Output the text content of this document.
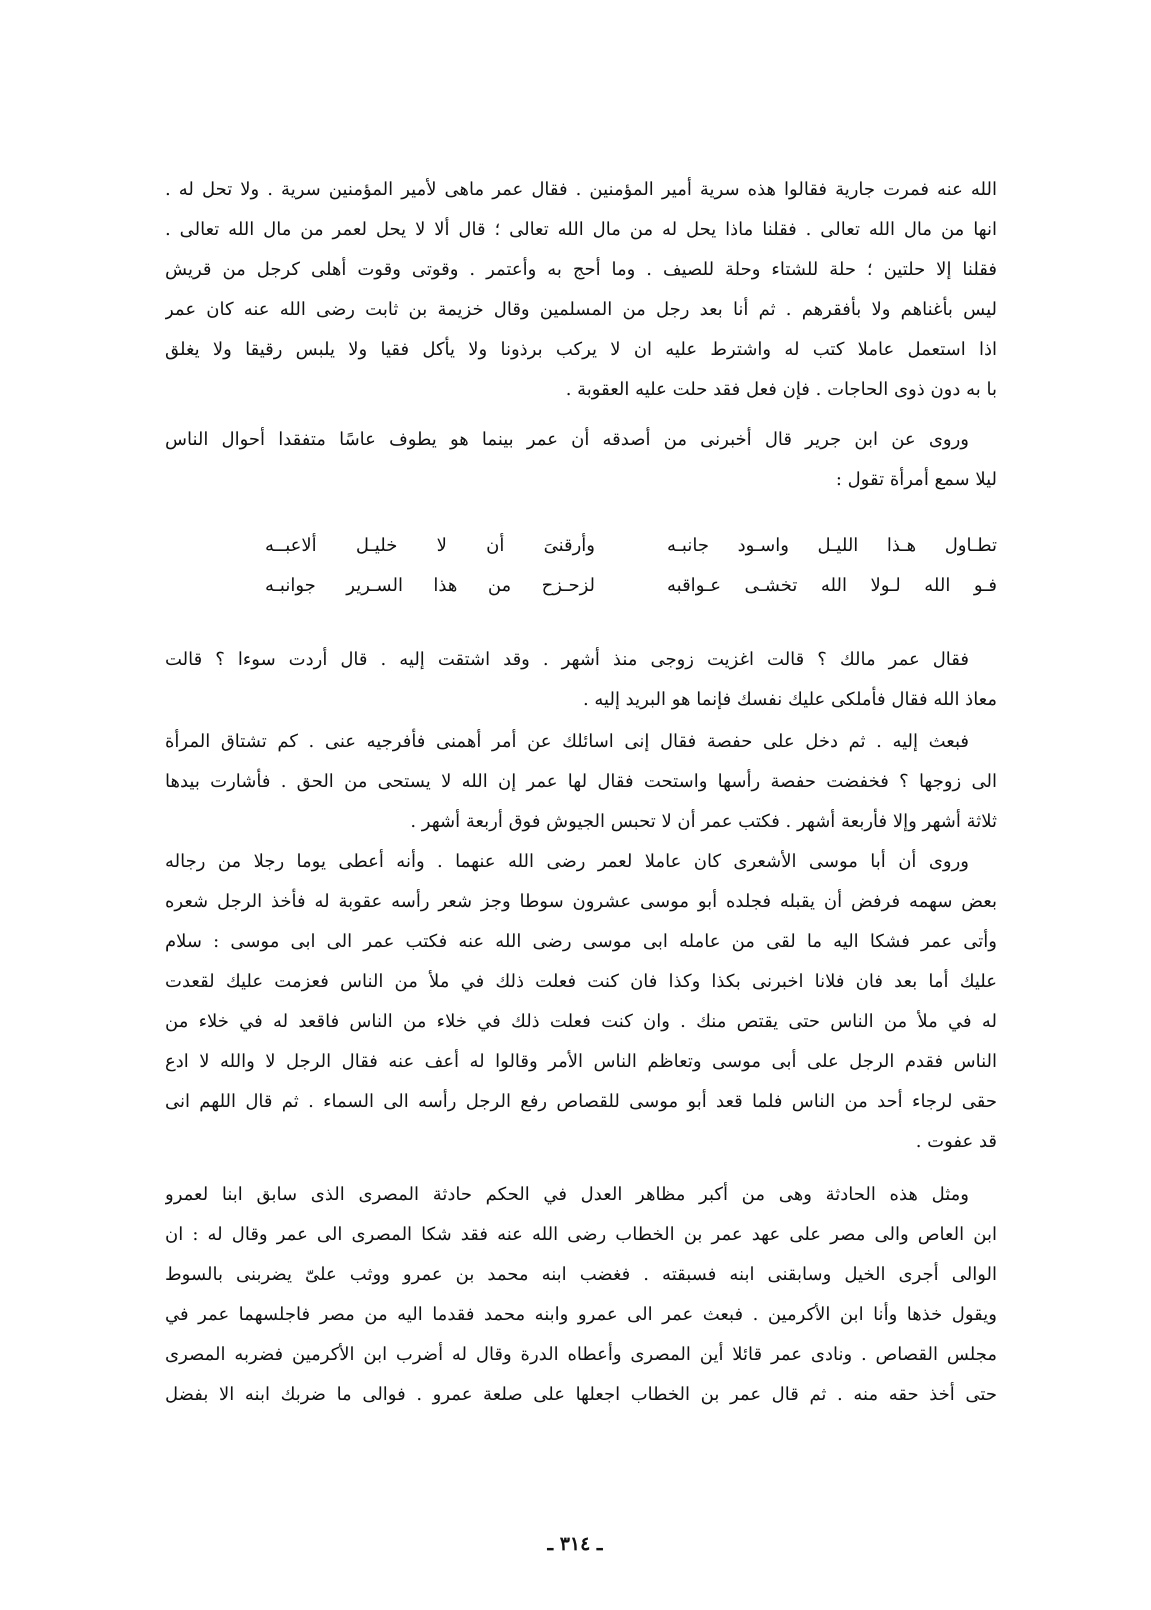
الله عنه فمرت جارية فقالوا هذه سرية أمير المؤمنين . فقال عمر ماهى لأمير المؤمنين سرية . ولا تحل له .
انها من مال الله تعالى . فقلنا ماذا يحل له من مال الله تعالى ؛ قال ألا لا يحل لعمر من مال الله تعالى .
فقلنا إلا حلتين ؛ حلة للشتاء وحلة للصيف . وما أحج به وأعتمر . وقوتى وقوت أهلى كرجل من قريش
ليس بأغناهم ولا بأفقرهم . ثم أنا بعد رجل من المسلمين وقال خزيمة بن ثابت رضى الله عنه كان عمر
اذا استعمل عاملا كتب له واشترط عليه ان لا يركب برذونا ولا يأكل فقيا ولا يلبس رقيقا ولا يغلق
با به دون ذوى الحاجات . فإن فعل فقد حلت عليه العقوبة .
وروى عن ابن جرير قال أخبرنى من أصدقه أن عمر بينما هو يطوف عاسًا متفقدا أحوال الناس
ليلا سمع أمرأة تقول :
تطـاول هـذا الليـل واسـود جانبـه
وأرقنىَ أن لا خليـل ألاعبــه
فـو الله لـولا الله تخشـى عـواقبه
لزحـزح من هذا السـرير جوانبـه
فقال عمر مالك ؟ قالت اغزيت زوجى منذ أشهر . وقد اشتقت إليه . قال أردت سوءا ؟ قالت
معاذ الله فقال فأملكى عليك نفسك فإنما هو البريد إليه .
فبعث إليه . ثم دخل على حفصة فقال إنى اسائلك عن أمر أهمنى فأفرجيه عنى . كم تشتاق المرأة
الى زوجها ؟ فخفضت حفصة رأسها واستحت فقال لها عمر إن الله لا يستحى من الحق . فأشارت بيدها
ثلاثة أشهر وإلا فأربعة أشهر . فكتب عمر أن لا تحبس الجيوش فوق أربعة أشهر .
وروى أن أبا موسى الأشعرى كان عاملا لعمر رضى الله عنهما . وأنه أعطى يوما رجلا من رجاله
بعض سهمه فرفض أن يقبله فجلده أبو موسى عشرون سوطا وجز شعر رأسه عقوبة له فأخذ الرجل شعره
وأتى عمر فشكا اليه ما لقى من عامله ابى موسى رضى الله عنه فكتب عمر الى ابى موسى : سلام
عليك أما بعد فان فلانا اخبرنى بكذا وكذا فان كنت فعلت ذلك في ملأ من الناس فعزمت عليك لقعدت
له في ملأ من الناس حتى يقتص منك . وان كنت فعلت ذلك في خلاء من الناس فاقعد له في خلاء من
الناس فقدم الرجل على أبى موسى وتعاظم الناس الأمر وقالوا له أعف عنه فقال الرجل لا والله لا ادع
حقى لرجاء أحد من الناس فلما قعد أبو موسى للقصاص رفع الرجل رأسه الى السماء . ثم قال اللهم انى
قد عفوت .
ومثل هذه الحادثة وهى من أكبر مظاهر العدل في الحكم حادثة المصرى الذى سابق ابنا لعمرو
ابن العاص والى مصر على عهد عمر بن الخطاب رضى الله عنه فقد شكا المصرى الى عمر وقال له : ان
الوالى أجرى الخيل وسابقنى ابنه فسبقته . فغضب ابنه محمد بن عمرو ووثب علىّ يضربنى بالسوط
ويقول خذها وأنا ابن الأكرمين . فبعث عمر الى عمرو وابنه محمد فقدما اليه من مصر فاجلسهما عمر في
مجلس القصاص . ونادى عمر قائلا أين المصرى وأعطاه الدرة وقال له أضرب ابن الأكرمين فضربه المصرى
حتى أخذ حقه منه . ثم قال عمر بن الخطاب اجعلها على صلعة عمرو . فوالى ما ضربك ابنه الا بفضل
ـ ٣١٤ ـ
